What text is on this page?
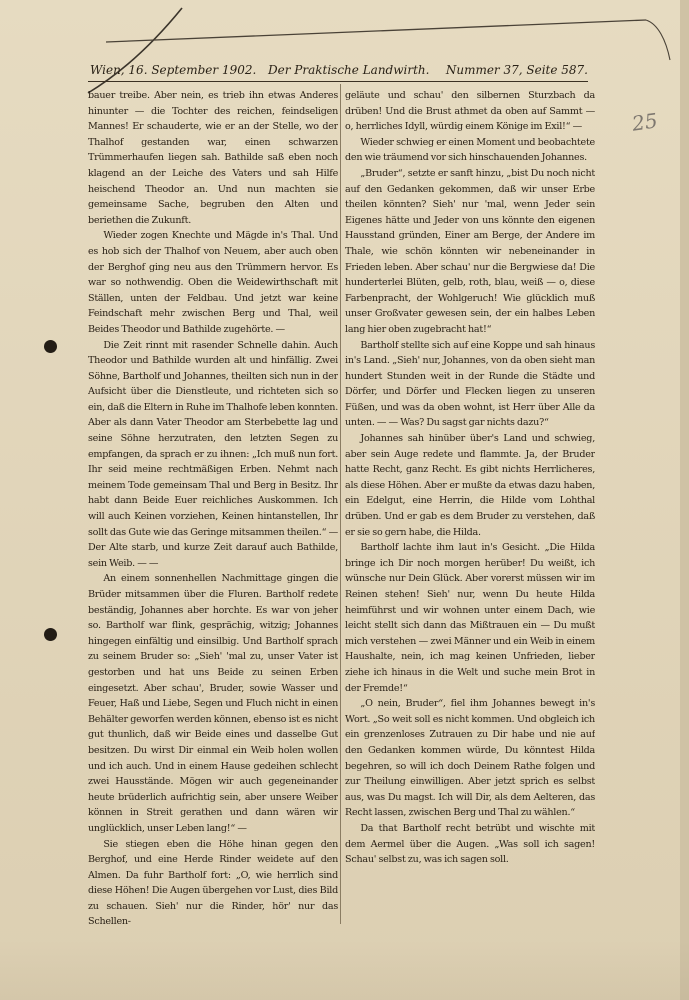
Wien, 16. September 1902. Der Praktische Landwirth. Nummer 37, Seite 587.

bauer treibe. Aber nein, es trieb ihn etwas Anderes hinunter — die Tochter des reichen, feindseligen Mannes! Er schauderte, wie er an der Stelle, wo der Thalhof gestanden war, einen schwarzen Trümmerhaufen liegen sah. Bathilde saß eben noch klagend an der Leiche des Vaters und sah Hilfe heischend Theodor an. Und nun machten sie gemeinsame Sache, begruben den Alten und beriethen die Zukunft.

Wieder zogen Knechte und Mägde in's Thal. Und es hob sich der Thalhof von Neuem, aber auch oben der Berghof ging neu aus den Trümmern hervor. Es war so nothwendig. Oben die Weidewirthschaft mit Ställen, unten der Feldbau. Und jetzt war keine Feindschaft mehr zwischen Berg und Thal, weil Beides Theodor und Bathilde zugehörte. —

Die Zeit rinnt mit rasender Schnelle dahin. Auch Theodor und Bathilde wurden alt und hinfällig. Zwei Söhne, Bartholf und Johannes, theilten sich nun in der Aufsicht über die Dienstleute, und richteten sich so ein, daß die Eltern in Ruhe im Thalhofe leben konnten. Aber als dann Vater Theodor am Sterbebette lag und seine Söhne herzutraten, den letzten Segen zu empfangen, da sprach er zu ihnen: „Ich muß nun fort. Ihr seid meine rechtmäßigen Erben. Nehmt nach meinem Tode gemeinsam Thal und Berg in Besitz. Ihr habt dann Beide Euer reichliches Auskommen. Ich will auch Keinen vorziehen, Keinen hintanstellen, Ihr sollt das Gute wie das Geringe mitsammen theilen.“ — Der Alte starb, und kurze Zeit darauf auch Bathilde, sein Weib. — —

An einem sonnenhellen Nachmittage gingen die Brüder mitsammen über die Fluren. Bartholf redete beständig, Johannes aber horchte. Es war von jeher so. Bartholf war flink, gesprächig, witzig; Johannes hingegen einfältig und einsilbig. Und Bartholf sprach zu seinem Bruder so: „Sieh' 'mal zu, unser Vater ist gestorben und hat uns Beide zu seinen Erben eingesetzt. Aber schau', Bruder, sowie Wasser und Feuer, Haß und Liebe, Segen und Fluch nicht in einen Behälter geworfen werden können, ebenso ist es nicht gut thunlich, daß wir Beide eines und dasselbe Gut besitzen. Du wirst Dir einmal ein Weib holen wollen und ich auch. Und in einem Hause gedeihen schlecht zwei Hausstände. Mögen wir auch gegeneinander heute brüderlich aufrichtig sein, aber unsere Weiber können in Streit gerathen und dann wären wir unglücklich, unser Leben lang!“ —

Sie stiegen eben die Höhe hinan gegen den Berghof, und eine Herde Rinder weidete auf den Almen. Da fuhr Bartholf fort: „O, wie herrlich sind diese Höhen! Die Augen übergehen vor Lust, dies Bild zu schauen. Sieh' nur die Rinder, hör' nur das Schellen-

geläute und schau' den silbernen Sturzbach da drüben! Und die Brust athmet da oben auf Sammt — o, herrliches Idyll, würdig einem Könige im Exil!“ —

Wieder schwieg er einen Moment und beobachtete den wie träumend vor sich hinschauenden Johannes.

„Bruder“, setzte er sanft hinzu, „bist Du noch nicht auf den Gedanken gekommen, daß wir unser Erbe theilen könnten? Sieh' nur 'mal, wenn Jeder sein Eigenes hätte und Jeder von uns könnte den eigenen Hausstand gründen, Einer am Berge, der Andere im Thale, wie schön könnten wir nebeneinander in Frieden leben. Aber schau' nur die Bergwiese da! Die hunderterlei Blüten, gelb, roth, blau, weiß — o, diese Farbenpracht, der Wohlgeruch! Wie glücklich muß unser Großvater gewesen sein, der ein halbes Leben lang hier oben zugebracht hat!“

Bartholf stellte sich auf eine Koppe und sah hinaus in's Land. „Sieh' nur, Johannes, von da oben sieht man hundert Stunden weit in der Runde die Städte und Dörfer, und Dörfer und Flecken liegen zu unseren Füßen, und was da oben wohnt, ist Herr über Alle da unten. — — Was? Du sagst gar nichts dazu?“

Johannes sah hinüber über's Land und schwieg, aber sein Auge redete und flammte. Ja, der Bruder hatte Recht, ganz Recht. Es gibt nichts Herrlicheres, als diese Höhen. Aber er mußte da etwas dazu haben, ein Edelgut, eine Herrin, die Hilde vom Lohthal drüben. Und er gab es dem Bruder zu verstehen, daß er sie so gern habe, die Hilda.

Bartholf lachte ihm laut in's Gesicht. „Die Hilda bringe ich Dir noch morgen herüber! Du weißt, ich wünsche nur Dein Glück. Aber vorerst müssen wir im Reinen stehen! Sieh' nur, wenn Du heute Hilda heimführst und wir wohnen unter einem Dach, wie leicht stellt sich dann das Mißtrauen ein — Du mußt mich verstehen — zwei Männer und ein Weib in einem Haushalte, nein, ich mag keinen Unfrieden, lieber ziehe ich hinaus in die Welt und suche mein Brot in der Fremde!“

„O nein, Bruder“, fiel ihm Johannes bewegt in's Wort. „So weit soll es nicht kommen. Und obgleich ich ein grenzenloses Zutrauen zu Dir habe und nie auf den Gedanken kommen würde, Du könntest Hilda begehren, so will ich doch Deinem Rathe folgen und zur Theilung einwilligen. Aber jetzt sprich es selbst aus, was Du magst. Ich will Dir, als dem Aelteren, das Recht lassen, zwischen Berg und Thal zu wählen.“

Da that Bartholf recht betrübt und wischte mit dem Aermel über die Augen. „Was soll ich sagen! Schau' selbst zu, was ich sagen soll.

25
